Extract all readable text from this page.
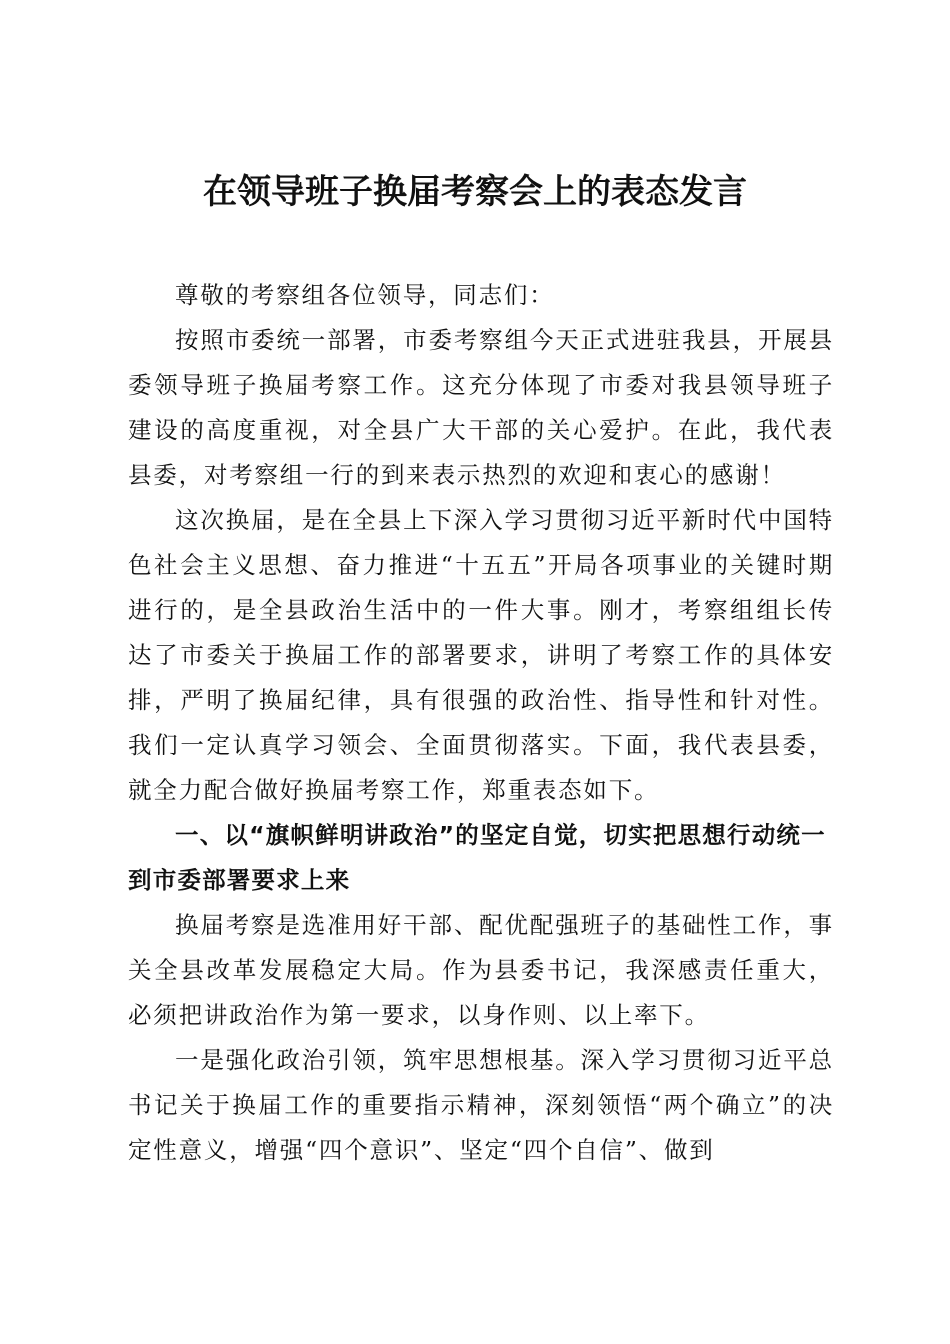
在领导班子换届考察会上的表态发言

尊敬的考察组各位领导，同志们：

按照市委统一部署，市委考察组今天正式进驻我县，开展县委领导班子换届考察工作。这充分体现了市委对我县领导班子建设的高度重视，对全县广大干部的关心爱护。在此，我代表县委，对考察组一行的到来表示热烈的欢迎和衷心的感谢！

这次换届，是在全县上下深入学习贯彻习近平新时代中国特色社会主义思想、奋力推进“十五五”开局各项事业的关键时期进行的，是全县政治生活中的一件大事。刚才，考察组组长传达了市委关于换届工作的部署要求，讲明了考察工作的具体安排，严明了换届纪律，具有很强的政治性、指导性和针对性。我们一定认真学习领会、全面贯彻落实。下面，我代表县委，就全力配合做好换届考察工作，郑重表态如下。

一、以“旗帜鲜明讲政治”的坚定自觉，切实把思想行动统一到市委部署要求上来

换届考察是选准用好干部、配优配强班子的基础性工作，事关全县改革发展稳定大局。作为县委书记，我深感责任重大，必须把讲政治作为第一要求，以身作则、以上率下。

一是强化政治引领，筑牢思想根基。深入学习贯彻习近平总书记关于换届工作的重要指示精神，深刻领悟“两个确立”的决定性意义，增强“四个意识”、坚定“四个自信”、做到
